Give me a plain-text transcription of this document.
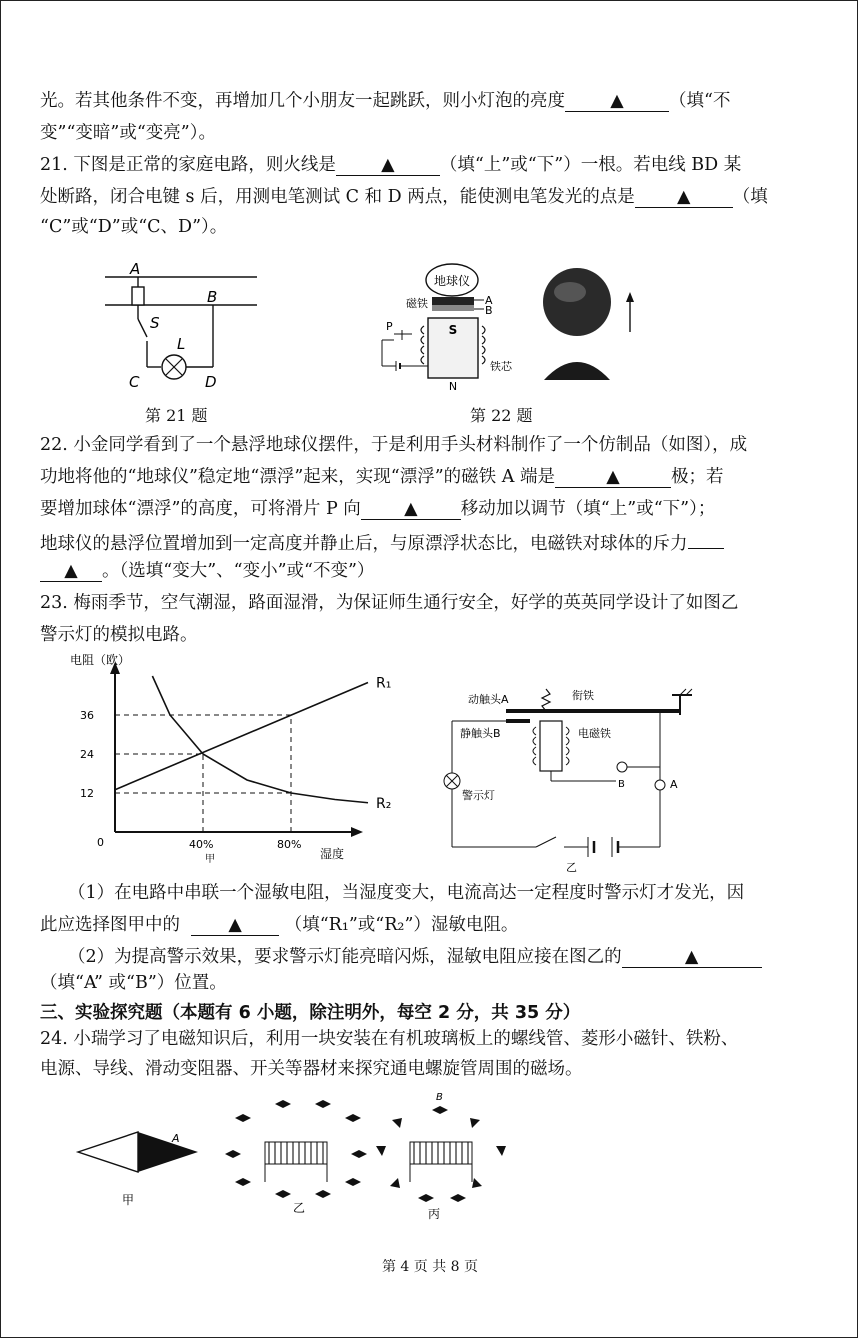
光。若其他条件不变，再增加几个小朋友一起跳跃，则小灯泡的亮度	▲	（填“不
变”“变暗”或“变亮”）。
21. 下图是正常的家庭电路，则火线是	▲	（填“上”或“下”）一根。若电线 BD 某
处断路，闭合电键 s 后，用测电笔测试 C 和 D 两点，能使测电笔发光的点是 ▲ （填
“C”或“D”或“C、D”）。
A
B
S
L
C	D
第 21 题
地球仪
磁铁	A
B
S
N
铁芯
P
第 22 题
22. 小金同学看到了一个悬浮地球仪摆件，于是利用手头材料制作了一个仿制品（如图），成
功地将他的“地球仪”稳定地“漂浮”起来，实现“漂浮”的磁铁 A 端是	▲	极；若
要增加球体“漂浮”的高度，可将滑片 P 向 ▲ 移动加以调节（填“上”或“下”）；
地球仪的悬浮位置增加到一定高度并静止后，与原漂浮状态比，电磁铁对球体的斥力
▲ 。（选填“变大”、“变小”或“不变”）
23. 梅雨季节，空气潮湿，路面湿滑，为保证师生通行安全，好学的英英同学设计了如图乙
警示灯的模拟电路。
R₁
R₂
电阻（欧）
湿度
甲
12
24
36
0	40%	80%
衔铁
动触头A
静触头B	电磁铁
B	A
警示灯
乙
（1）在电路中串联一个湿敏电阻，当湿度变大，电流高达一定程度时警示灯才发光，因
此应选择图甲中的	▲ （填“R₁”或“R₂”）湿敏电阻。
（2）为提高警示效果，要求警示灯能亮暗闪烁，湿敏电阻应接在图乙的	▲
（填“A” 或“B”）位置。
三、实验探究题（本题有 6 小题，除注明外，每空 2 分，共 35 分）
24. 小瑞学习了电磁知识后，利用一块安装在有机玻璃板上的螺线管、菱形小磁针、铁粉、
电源、导线、滑动变阻器、开关等器材来探究通电螺旋管周围的磁场。
A
甲
乙
B
丙
第 4 页 共 8 页
